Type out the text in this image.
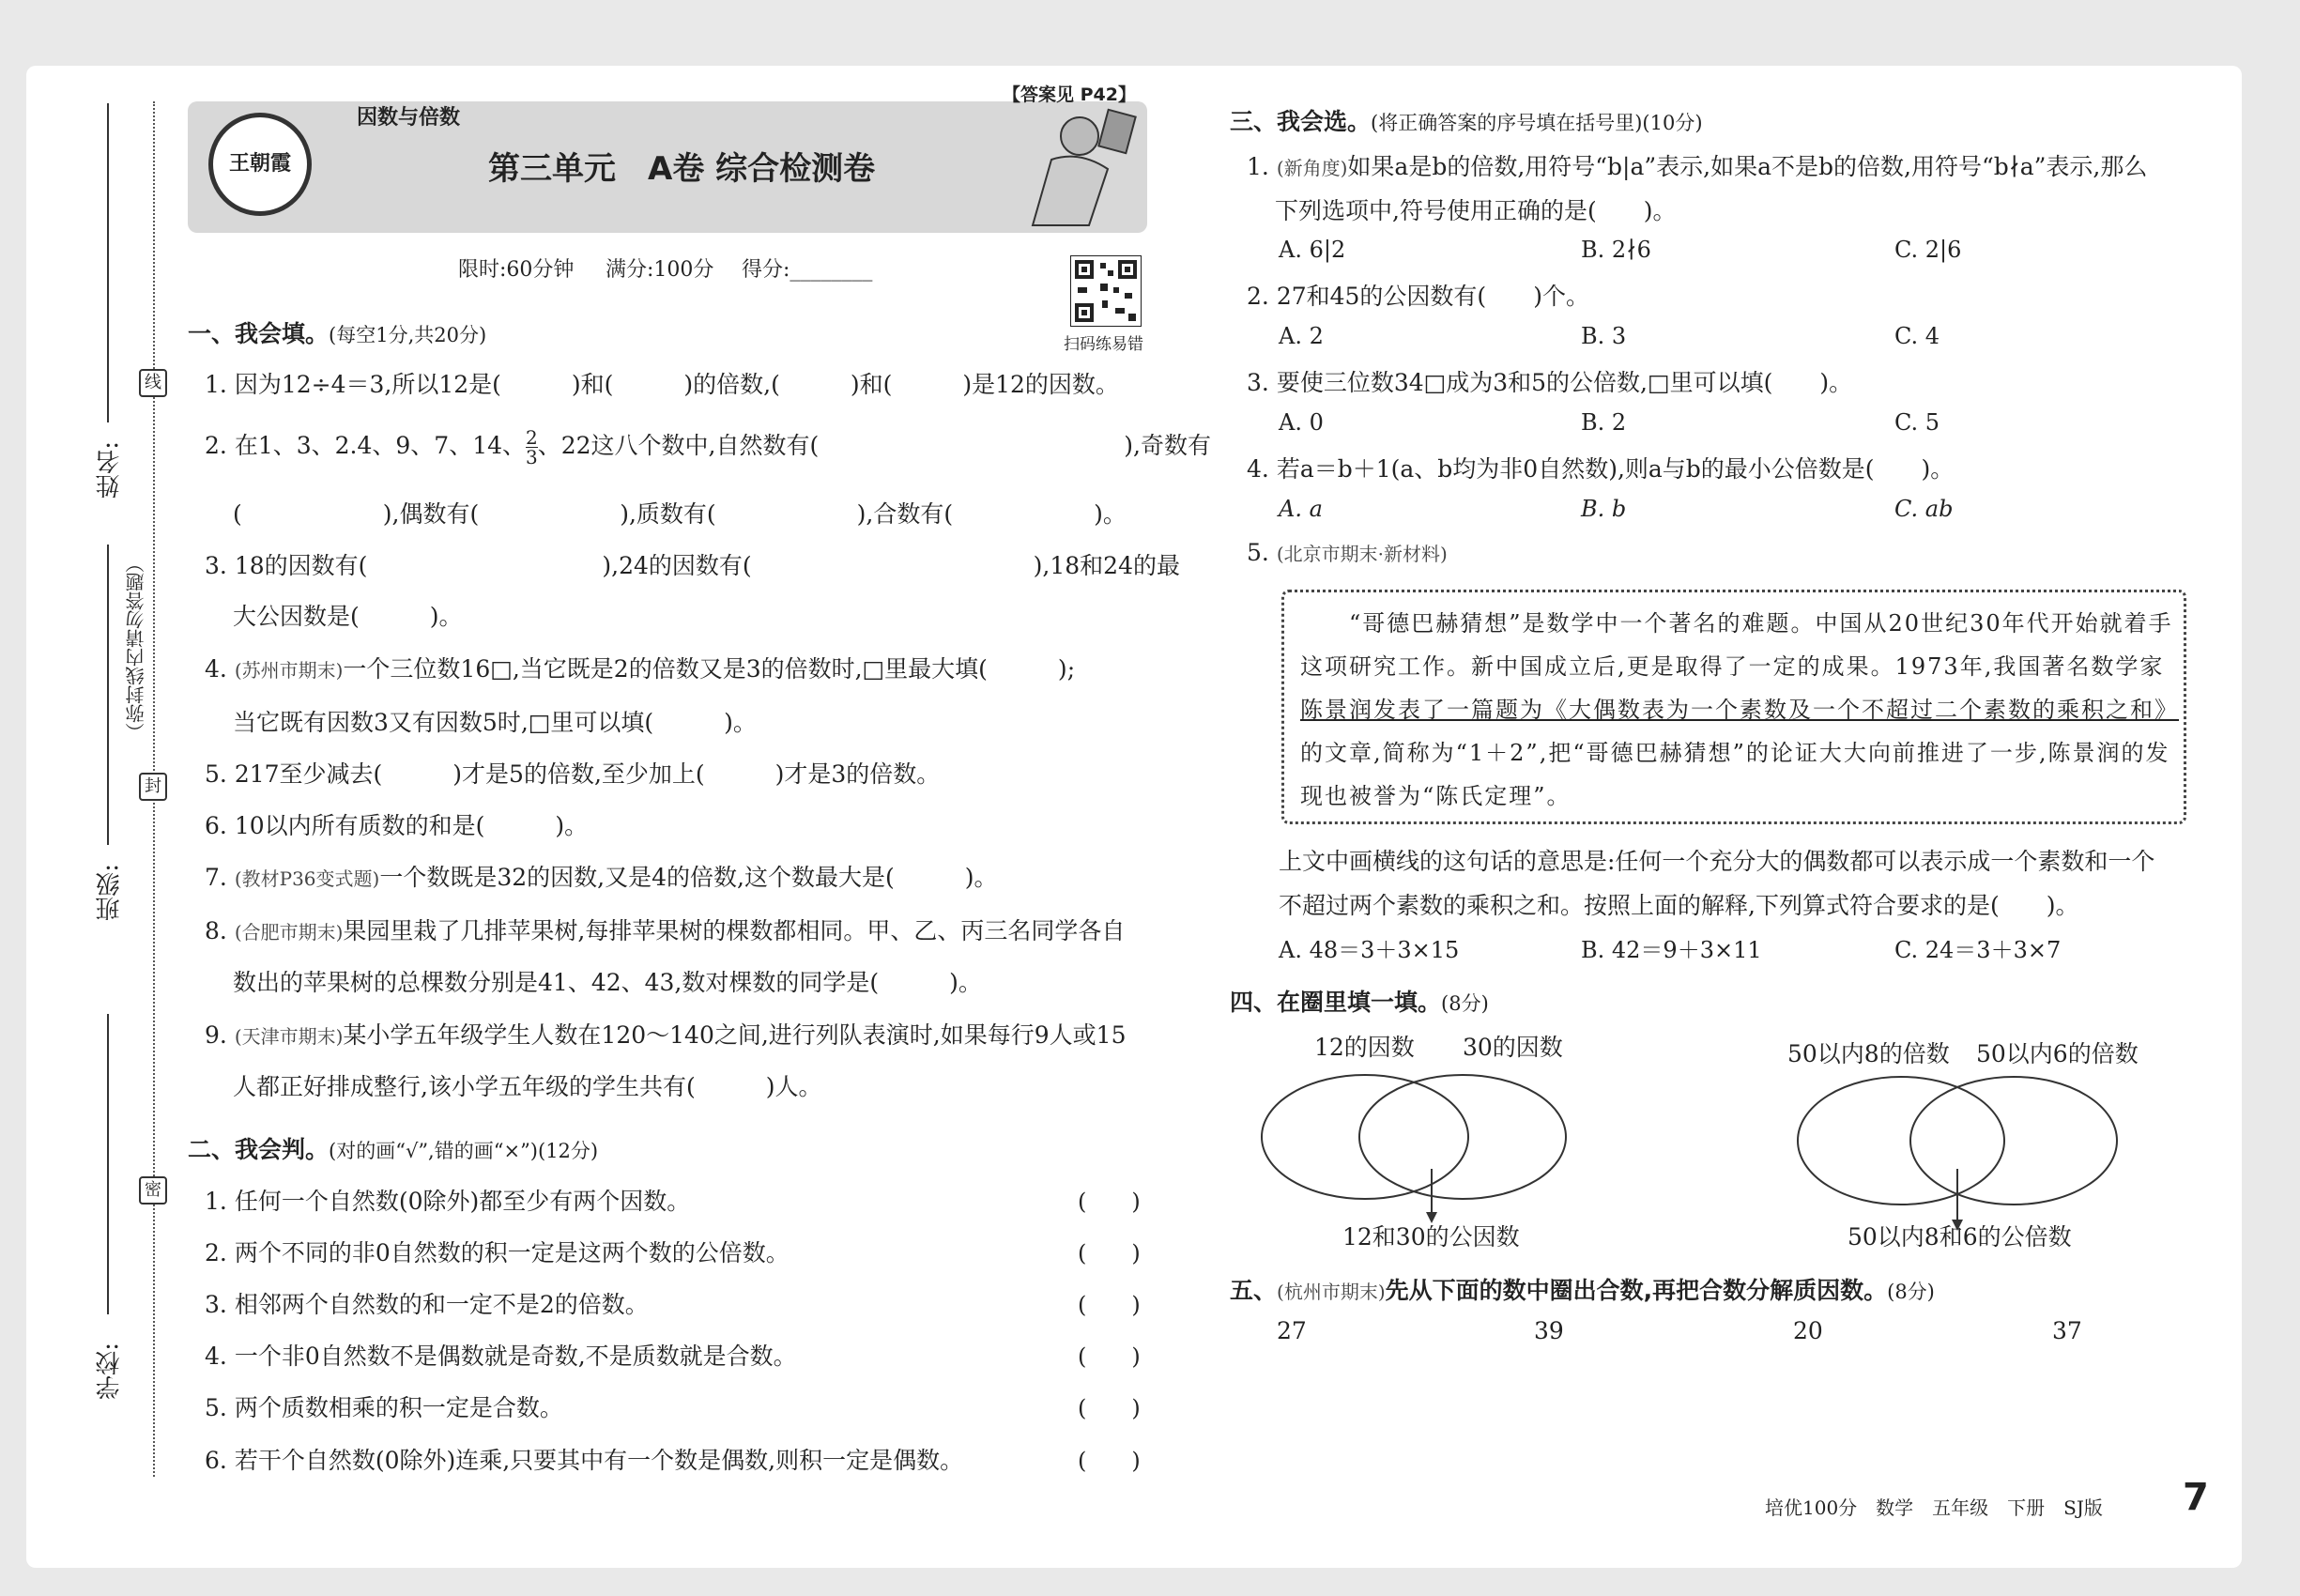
姓名:
班级:
学校:
（弥封线内请勿答题）
线
封
密
【答案见 P42】
王朝霞
因数与倍数
第三单元　A卷 综合检测卷
限时:60分钟 满分:100分 得分:________
扫码练易错
一、我会填。(每空1分,共20分)
1. 因为12÷4＝3,所以12是(　　　)和(　　　)的倍数,(　　　)和(　　　)是12的因数。
2. 在1、3、2.4、9、7、14、 $\frac{2}{3}$ 、22这八个数中,自然数有(　　　　　　　　　　　　　),奇数有
(　　　　　　),偶数有(　　　　　　),质数有(　　　　　　),合数有(　　　　　　)。
3. 18的因数有(　　　　　　　　　　),24的因数有(　　　　　　　　　　　　),18和24的最
大公因数是(　　　)。
4. (苏州市期末)一个三位数16□,当它既是2的倍数又是3的倍数时,□里最大填(　　　);
当它既有因数3又有因数5时,□里可以填(　　　)。
5. 217至少减去(　　　)才是5的倍数,至少加上(　　　)才是3的倍数。
6. 10以内所有质数的和是(　　　)。
7. (教材P36变式题)一个数既是32的因数,又是4的倍数,这个数最大是(　　　)。
8. (合肥市期末)果园里栽了几排苹果树,每排苹果树的棵数都相同。甲、乙、丙三名同学各自
数出的苹果树的总棵数分别是41、42、43,数对棵数的同学是(　　　)。
9. (天津市期末)某小学五年级学生人数在120～140之间,进行列队表演时,如果每行9人或15
人都正好排成整行,该小学五年级的学生共有(　　　)人。
二、我会判。(对的画“√”,错的画“×”)(12分)
1. 任何一个自然数(0除外)都至少有两个因数。	(　　)
2. 两个不同的非0自然数的积一定是这两个数的公倍数。	(　　)
3. 相邻两个自然数的和一定不是2的倍数。	(　　)
4. 一个非0自然数不是偶数就是奇数,不是质数就是合数。	(　　)
5. 两个质数相乘的积一定是合数。	(　　)
6. 若干个自然数(0除外)连乘,只要其中有一个数是偶数,则积一定是偶数。	(　　)
三、我会选。(将正确答案的序号填在括号里)(10分)
1. (新角度)如果a是b的倍数,用符号“b|a”表示,如果a不是b的倍数,用符号“b∤a”表示,那么
下列选项中,符号使用正确的是(　　)。
A. 6|2	B. 2∤6	C. 2|6
2. 27和45的公因数有(　　)个。
A. 2	B. 3	C. 4
3. 要使三位数34□成为3和5的公倍数,□里可以填(　　)。
A. 0	B. 2	C. 5
4. 若a＝b＋1(a、b均为非0自然数),则a与b的最小公倍数是(　　)。
A. a	B. b	C. ab
5. (北京市期末·新材料)
　　“哥德巴赫猜想”是数学中一个著名的难题。中国从20世纪30年代开始就着手
这项研究工作。新中国成立后,更是取得了一定的成果。1973年,我国著名数学家
陈景润发表了一篇题为《大偶数表为一个素数及一个不超过二个素数的乘积之和》
的文章,简称为“1＋2”,把“哥德巴赫猜想”的论证大大向前推进了一步,陈景润的发
现也被誉为“陈氏定理”。
上文中画横线的这句话的意思是:任何一个充分大的偶数都可以表示成一个素数和一个
不超过两个素数的乘积之和。按照上面的解释,下列算式符合要求的是(　　)。
A. 48＝3＋3×15	B. 42＝9＋3×11	C. 24＝3＋3×7
四、在圈里填一填。(8分)
12的因数 30的因数
12和30的公因数
50以内8的倍数 50以内6的倍数
50以内8和6的公倍数
五、(杭州市期末)先从下面的数中圈出合数,再把合数分解质因数。(8分)
27	39	20	37
培优100分　数学　五年级　下册　SJ版 7
